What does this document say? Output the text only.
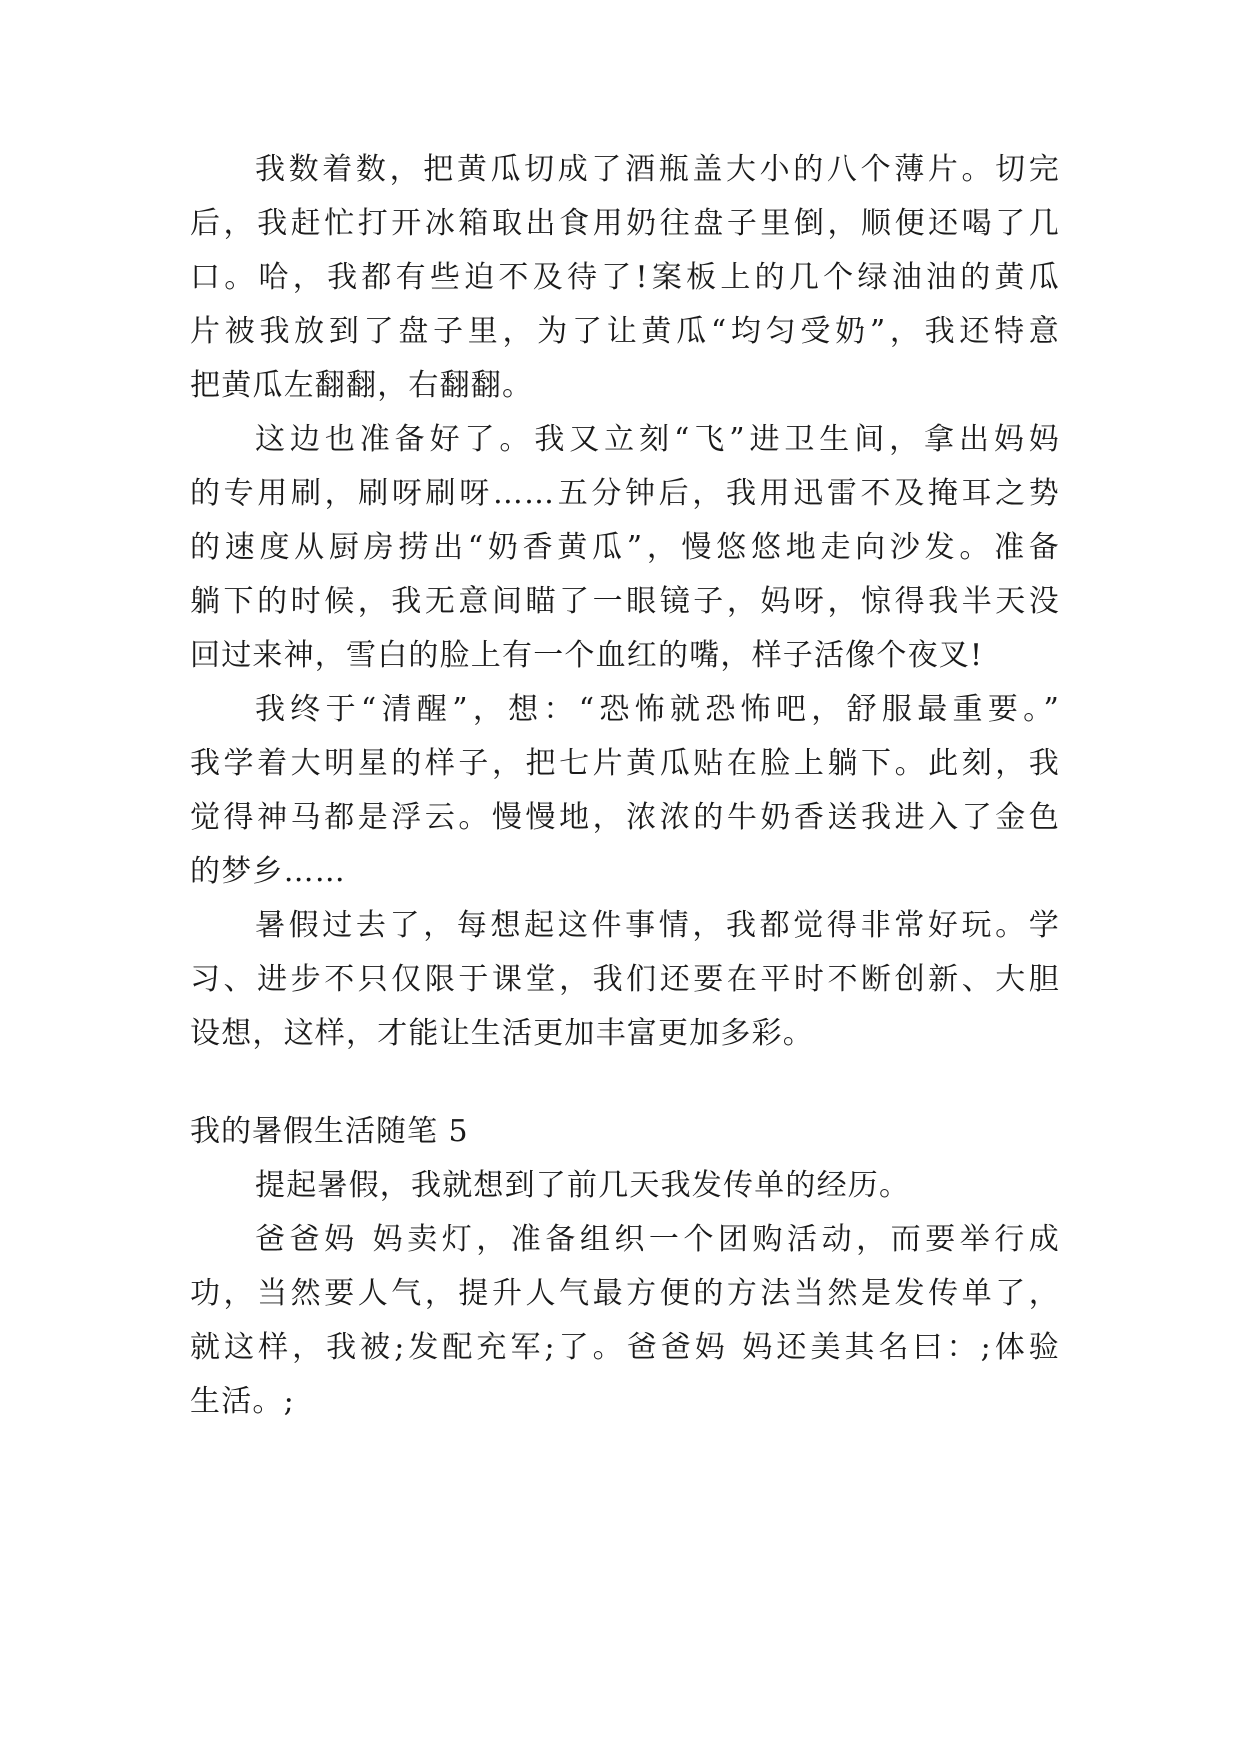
我数着数，把黄瓜切成了酒瓶盖大小的八个薄片。切完
后，我赶忙打开冰箱取出食用奶往盘子里倒，顺便还喝了几
口。哈，我都有些迫不及待了!案板上的几个绿油油的黄瓜
片被我放到了盘子里，为了让黄瓜“均匀受奶”，我还特意
把黄瓜左翻翻，右翻翻。
这边也准备好了。我又立刻“飞”进卫生间，拿出妈妈
的专用刷，刷呀刷呀……五分钟后，我用迅雷不及掩耳之势
的速度从厨房捞出“奶香黄瓜”，慢悠悠地走向沙发。准备
躺下的时候，我无意间瞄了一眼镜子，妈呀，惊得我半天没
回过来神，雪白的脸上有一个血红的嘴，样子活像个夜叉!
我终于“清醒”，想：“恐怖就恐怖吧，舒服最重要。”
我学着大明星的样子，把七片黄瓜贴在脸上躺下。此刻，我
觉得神马都是浮云。慢慢地，浓浓的牛奶香送我进入了金色
的梦乡……
暑假过去了，每想起这件事情，我都觉得非常好玩。学
习、进步不只仅限于课堂，我们还要在平时不断创新、大胆
设想，这样，才能让生活更加丰富更加多彩。
我的暑假生活随笔 5
提起暑假，我就想到了前几天我发传单的经历。
爸爸妈 妈卖灯，准备组织一个团购活动，而要举行成
功，当然要人气，提升人气最方便的方法当然是发传单了，
就这样，我被;发配充军;了。爸爸妈 妈还美其名曰：;体验
生活。;
